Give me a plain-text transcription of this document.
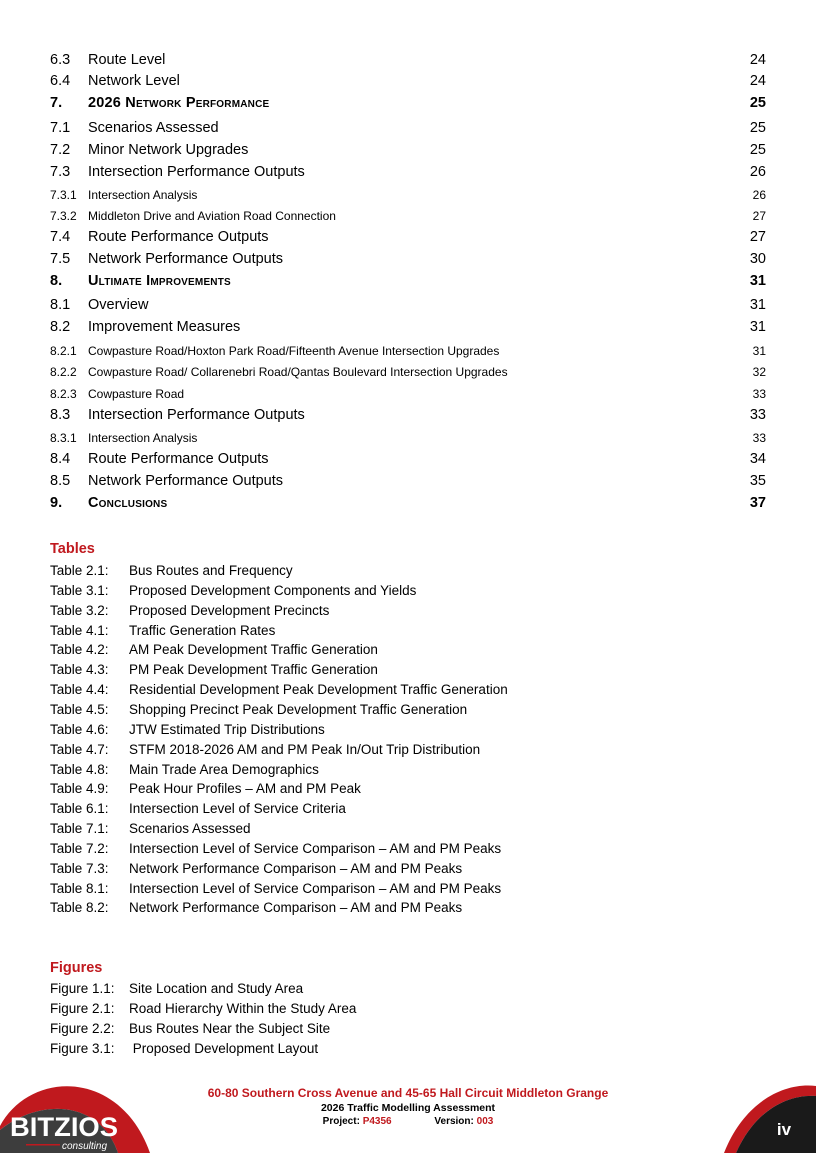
6.3	Route Level	24
6.4	Network Level	24
7.	2026 Network Performance	25
7.1	Scenarios Assessed	25
7.2	Minor Network Upgrades	25
7.3	Intersection Performance Outputs	26
7.3.1 Intersection Analysis	26
7.3.2 Middleton Drive and Aviation Road Connection	27
7.4	Route Performance Outputs	27
7.5	Network Performance Outputs	30
8.	Ultimate Improvements	31
8.1	Overview	31
8.2	Improvement Measures	31
8.2.1 Cowpasture Road/Hoxton Park Road/Fifteenth Avenue Intersection Upgrades	31
8.2.2 Cowpasture Road/ Collarenebri Road/Qantas Boulevard Intersection Upgrades	32
8.2.3 Cowpasture Road	33
8.3	Intersection Performance Outputs	33
8.3.1 Intersection Analysis	33
8.4	Route Performance Outputs	34
8.5	Network Performance Outputs	35
9.	Conclusions	37
Tables
Table 2.1:	Bus Routes and Frequency
Table 3.1:	Proposed Development Components and Yields
Table 3.2:	Proposed Development Precincts
Table 4.1:	Traffic Generation Rates
Table 4.2:	AM Peak Development Traffic Generation
Table 4.3:	PM Peak Development Traffic Generation
Table 4.4:	Residential Development Peak Development Traffic Generation
Table 4.5:	Shopping Precinct Peak Development Traffic Generation
Table 4.6:	JTW Estimated Trip Distributions
Table 4.7:	STFM 2018-2026 AM and PM Peak In/Out Trip Distribution
Table 4.8:	Main Trade Area Demographics
Table 4.9:	Peak Hour Profiles – AM and PM Peak
Table 6.1:	Intersection Level of Service Criteria
Table 7.1:	Scenarios Assessed
Table 7.2:	Intersection Level of Service Comparison – AM and PM Peaks
Table 7.3:	Network Performance Comparison – AM and PM Peaks
Table 8.1:	Intersection Level of Service Comparison – AM and PM Peaks
Table 8.2:	Network Performance Comparison – AM and PM Peaks
Figures
Figure 1.1:	Site Location and Study Area
Figure 2.1:	Road Hierarchy Within the Study Area
Figure 2.2:	Bus Routes Near the Subject Site
Figure 3.1:	Proposed Development Layout
BITZIOS
consulting
60-80 Southern Cross Avenue and 45-65 Hall Circuit Middleton Grange
2026 Traffic Modelling Assessment
Project: P4356	Version: 003	iv
